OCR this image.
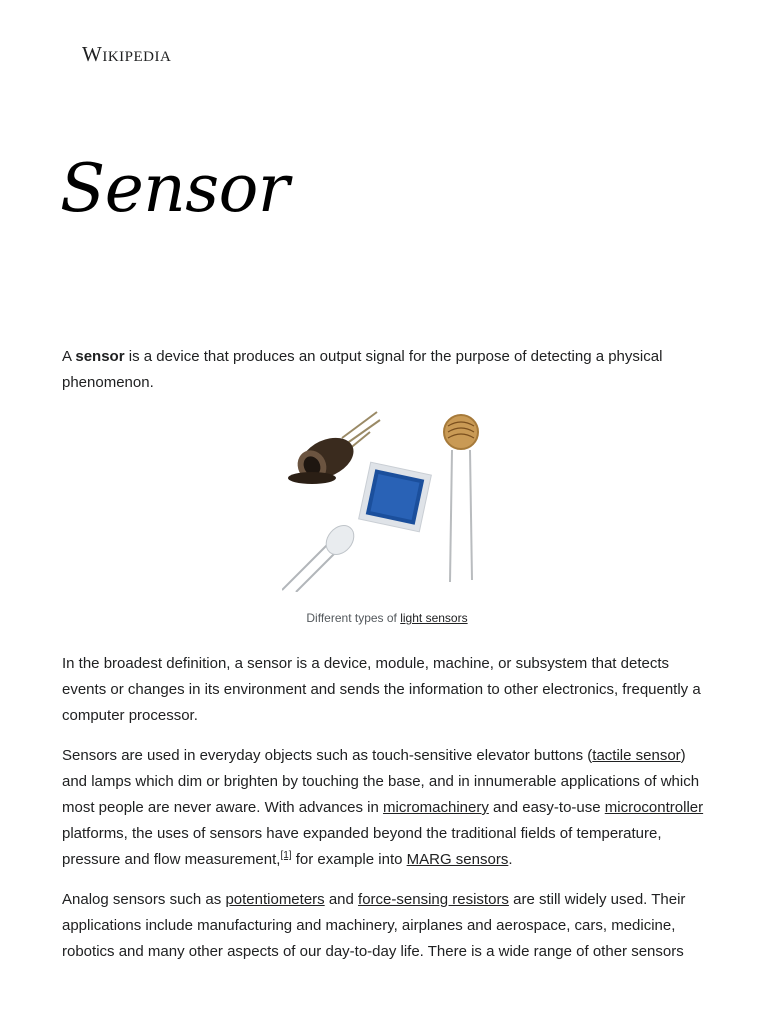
Wikipedia
Sensor

A sensor is a device that produces an output signal for the purpose of detecting a physical phenomenon.

Different types of light sensors

In the broadest definition, a sensor is a device, module, machine, or subsystem that detects events or changes in its environment and sends the information to other electronics, frequently a computer processor.

Sensors are used in everyday objects such as touch-sensitive elevator buttons (tactile sensor) and lamps which dim or brighten by touching the base, and in innumerable applications of which most people are never aware. With advances in micromachinery and easy-to-use microcontroller platforms, the uses of sensors have expanded beyond the traditional fields of temperature, pressure and flow measurement,[1] for example into MARG sensors.

Analog sensors such as potentiometers and force-sensing resistors are still widely used. Their applications include manufacturing and machinery, airplanes and aerospace, cars, medicine, robotics and many other aspects of our day-to-day life. There is a wide range of other sensors
